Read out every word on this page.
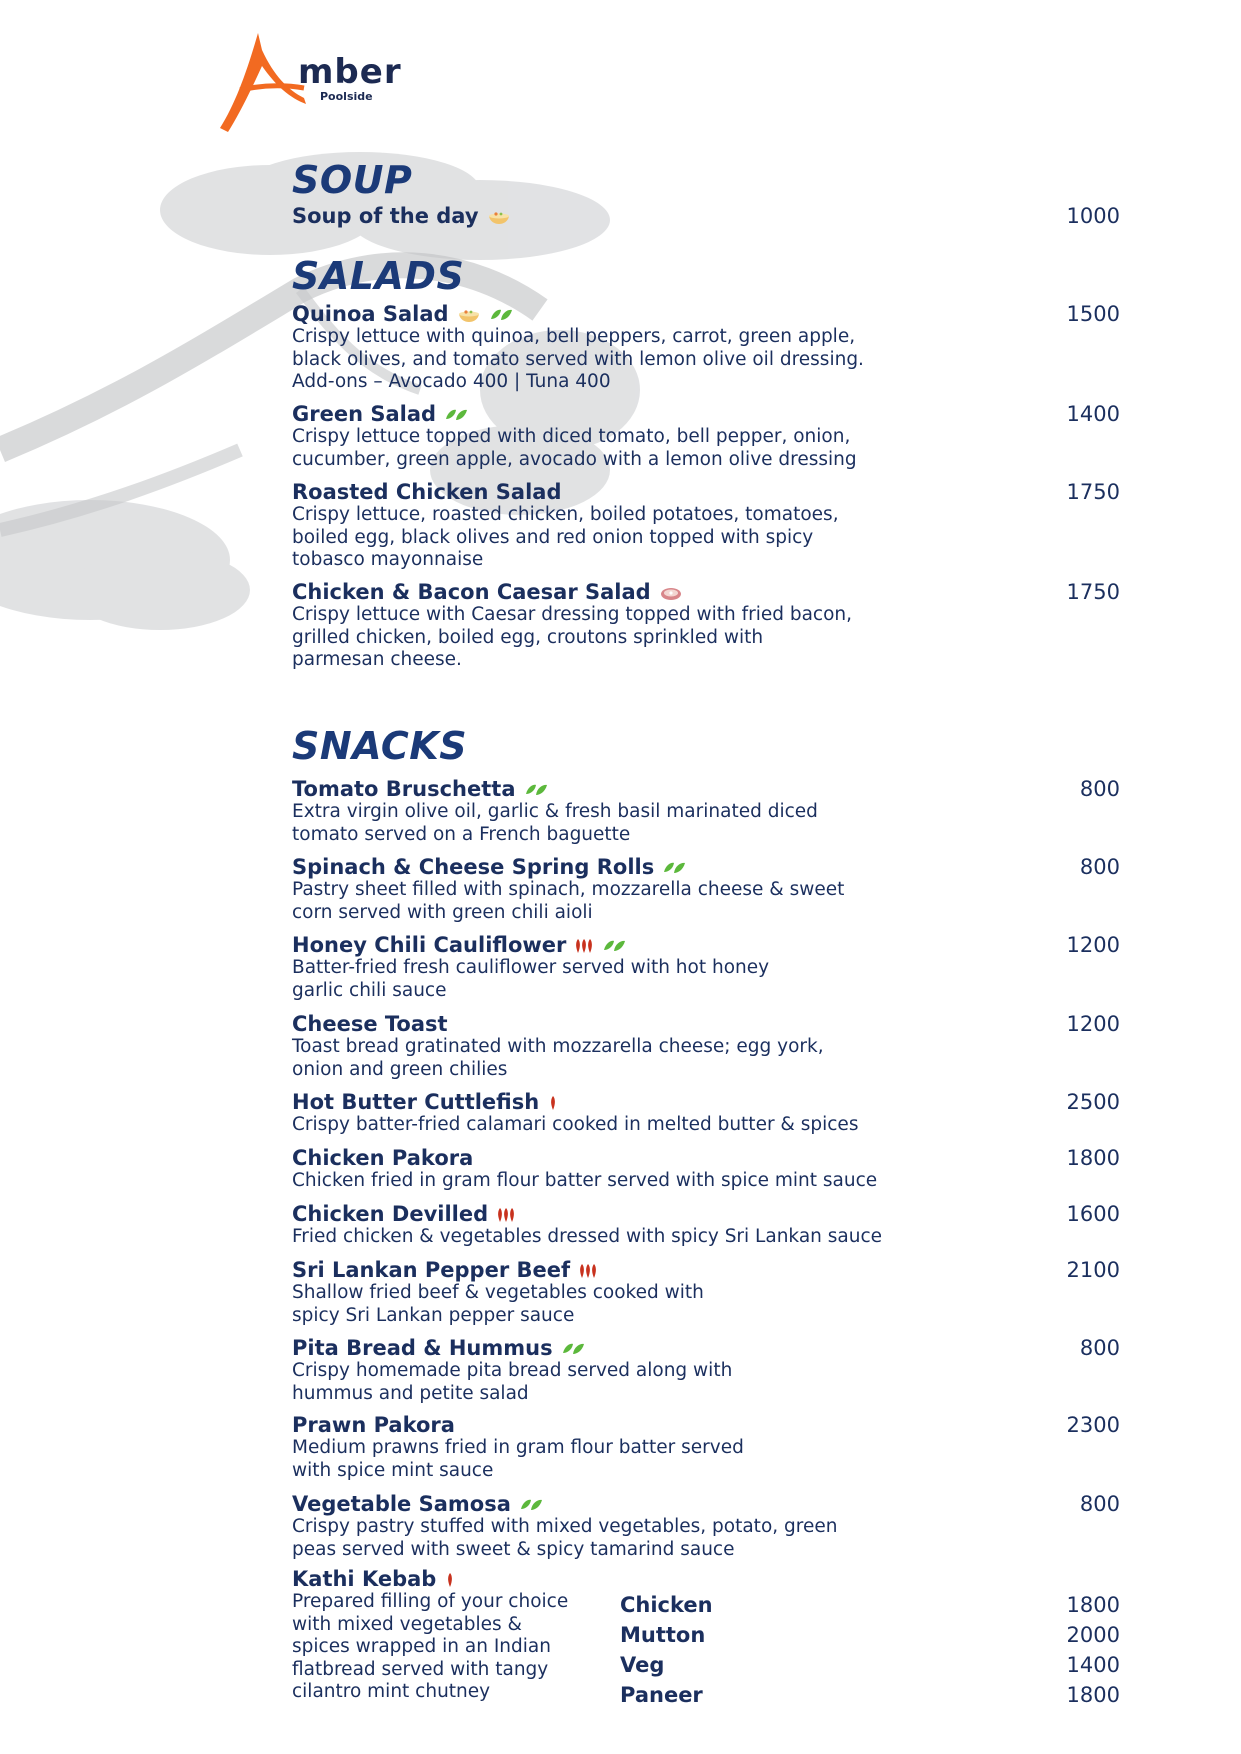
mber
Poolside
SOUP
Soup of the day	1000
SALADS
Quinoa Salad	1500
Crispy lettuce with quinoa, bell peppers, carrot, green apple,
black olives, and tomato served with lemon olive oil dressing.
Add-ons – Avocado 400 | Tuna 400
Green Salad	1400
Crispy lettuce topped with diced tomato, bell pepper, onion,
cucumber, green apple, avocado with a lemon olive dressing
Roasted Chicken Salad	1750
Crispy lettuce, roasted chicken, boiled potatoes, tomatoes,
boiled egg, black olives and red onion topped with spicy
tobasco mayonnaise
Chicken & Bacon Caesar Salad	1750
Crispy lettuce with Caesar dressing topped with fried bacon,
grilled chicken, boiled egg, croutons sprinkled with
parmesan cheese.
SNACKS
Tomato Bruschetta	800
Extra virgin olive oil, garlic & fresh basil marinated diced
tomato served on a French baguette
Spinach & Cheese Spring Rolls	800
Pastry sheet filled with spinach, mozzarella cheese & sweet
corn served with green chili aioli
Honey Chili Cauliflower	1200
Batter-fried fresh cauliflower served with hot honey
garlic chili sauce
Cheese Toast	1200
Toast bread gratinated with mozzarella cheese; egg york,
onion and green chilies
Hot Butter Cuttlefish	2500
Crispy batter-fried calamari cooked in melted butter & spices
Chicken Pakora	1800
Chicken fried in gram flour batter served with spice mint sauce
Chicken Devilled	1600
Fried chicken & vegetables dressed with spicy Sri Lankan sauce
Sri Lankan Pepper Beef	2100
Shallow fried beef & vegetables cooked with
spicy Sri Lankan pepper sauce
Pita Bread & Hummus	800
Crispy homemade pita bread served along with
hummus and petite salad
Prawn Pakora	2300
Medium prawns fried in gram flour batter served
with spice mint sauce
Vegetable Samosa	800
Crispy pastry stuffed with mixed vegetables, potato, green
peas served with sweet & spicy tamarind sauce
Kathi Kebab
Prepared filling of your choice
with mixed vegetables &
spices wrapped in an Indian
flatbread served with tangy
cilantro mint chutney
Chicken	1800
Mutton	2000
Veg	1400
Paneer	1800
